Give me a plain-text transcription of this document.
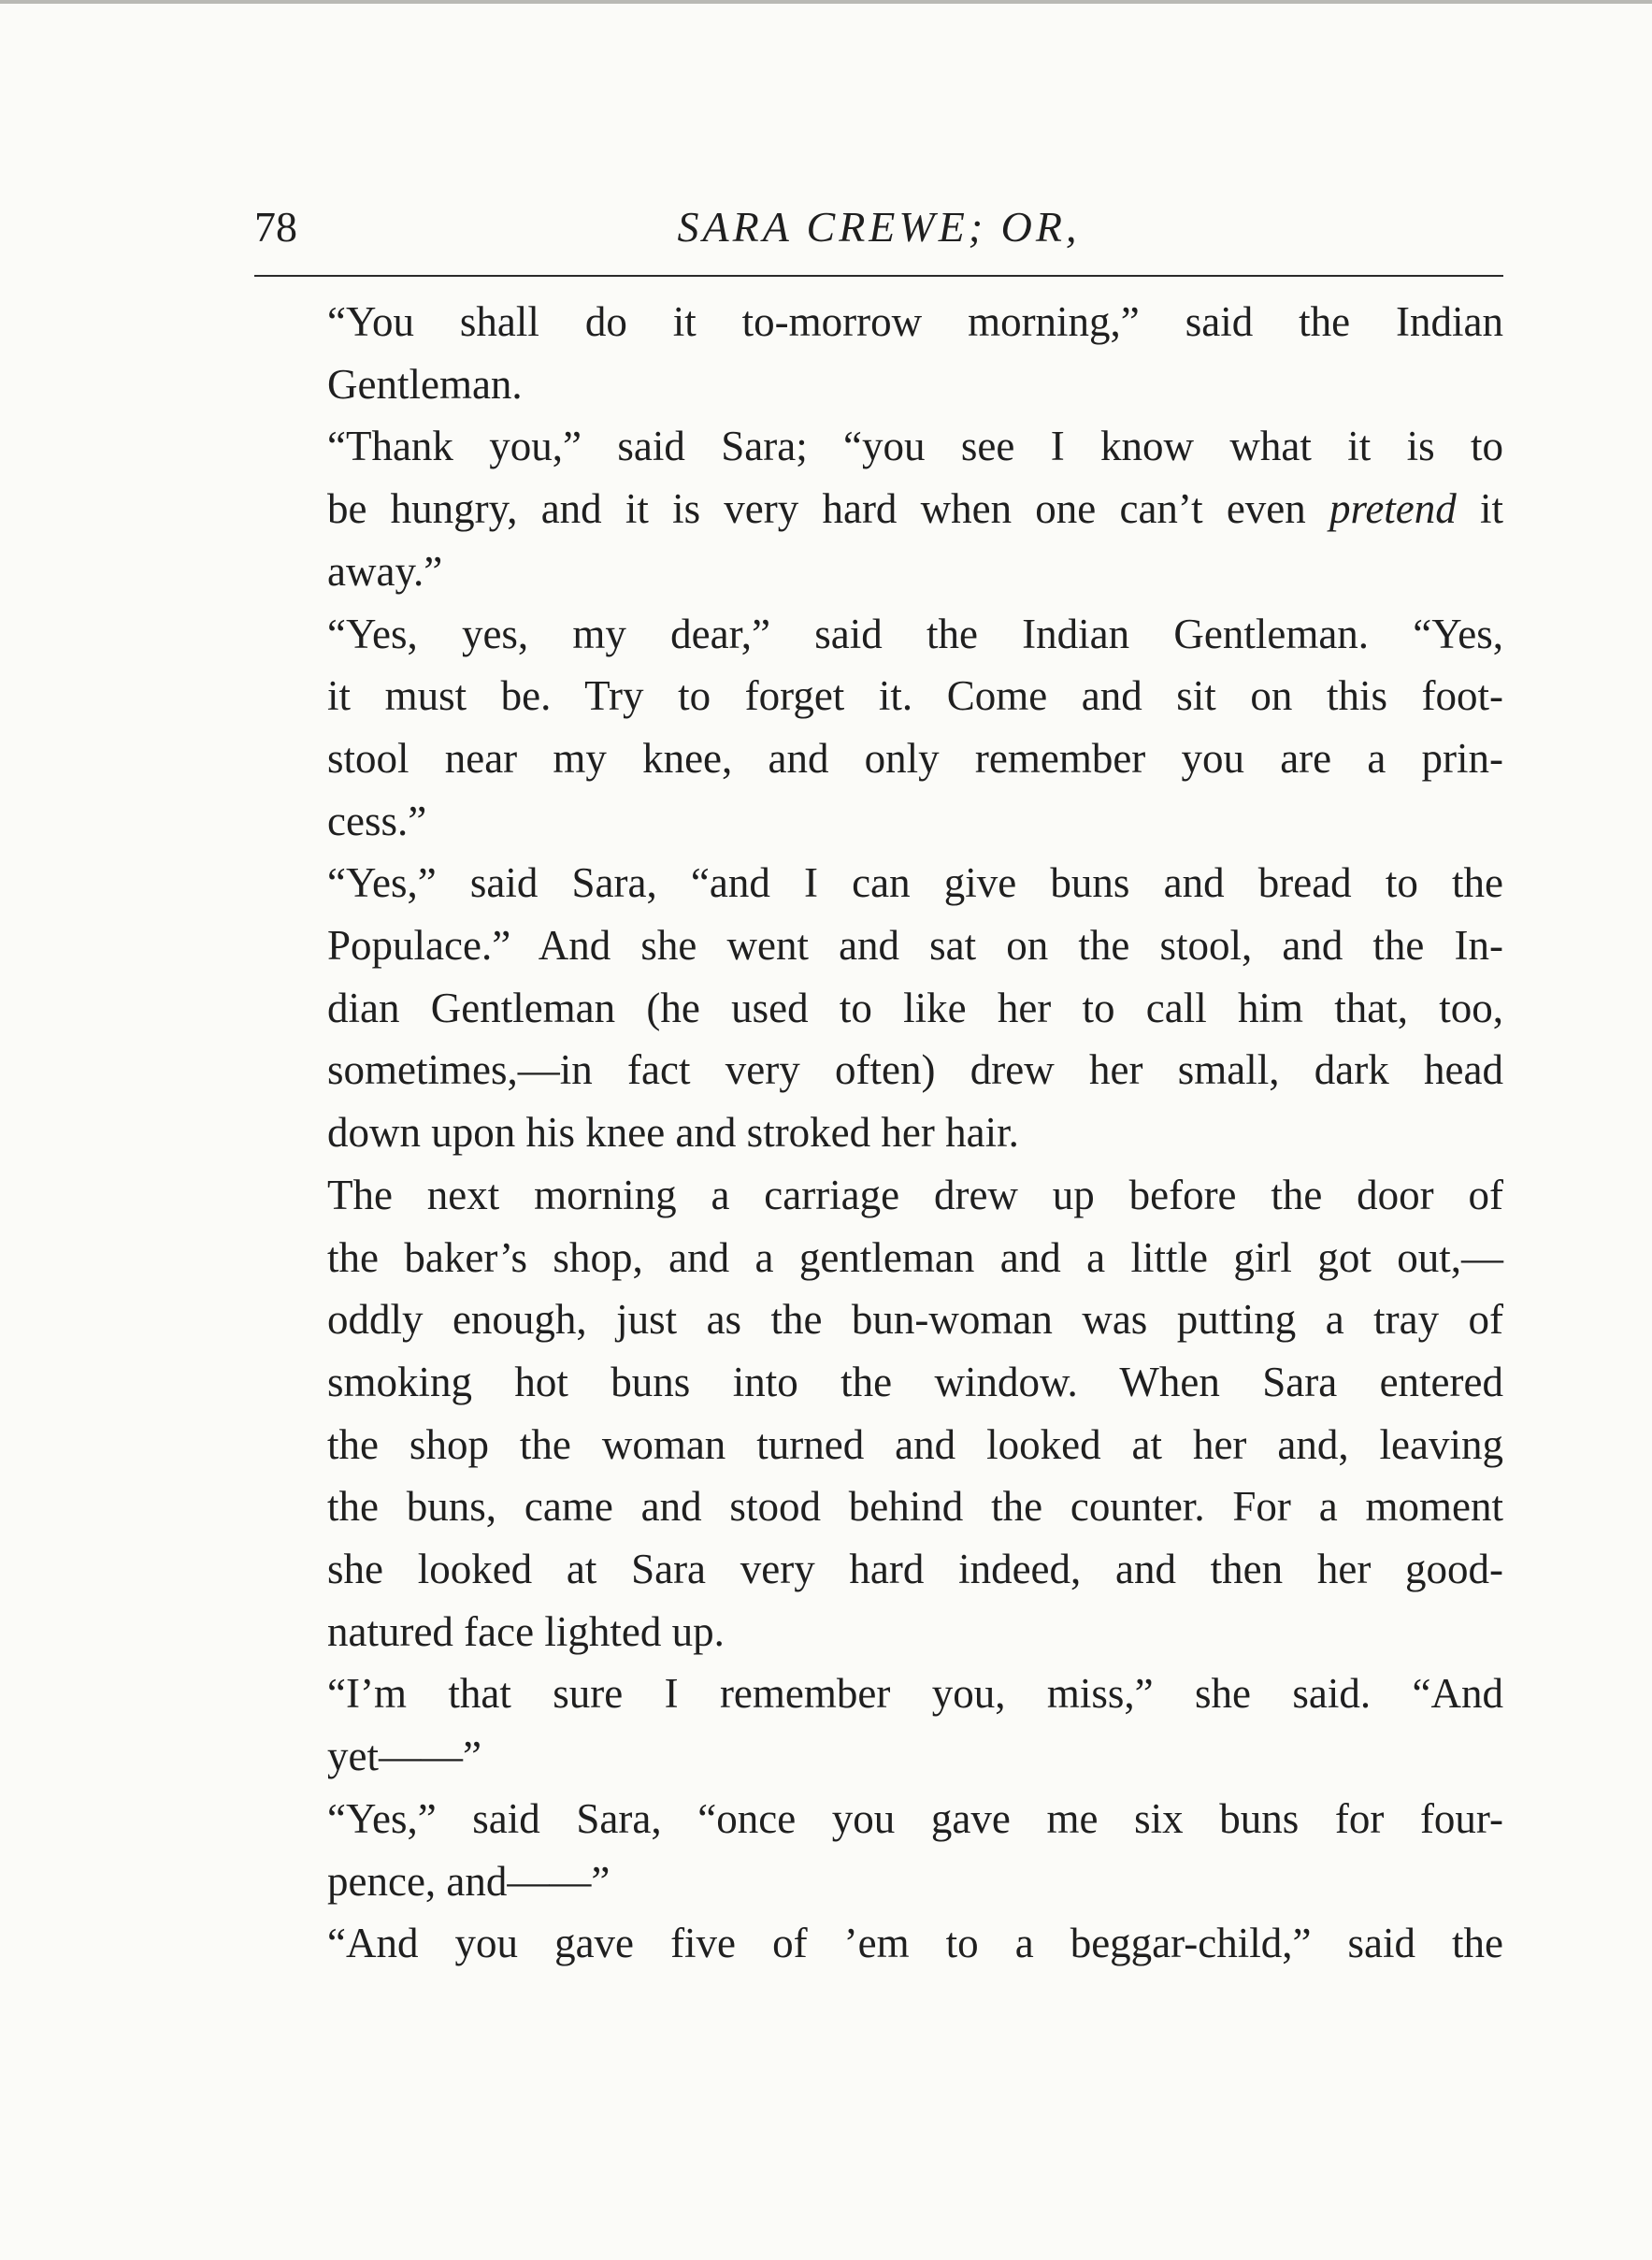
78	SARA CREWE; OR,

“You shall do it to-morrow morning,” said the Indian
Gentleman.

“Thank you,” said Sara; “you see I know what it is to
be hungry, and it is very hard when one can’t even pretend it
away.”

“Yes, yes, my dear,” said the Indian Gentleman. “Yes,
it must be. Try to forget it. Come and sit on this foot-
stool near my knee, and only remember you are a prin-
cess.”

“Yes,” said Sara, “and I can give buns and bread to the
Populace.” And she went and sat on the stool, and the In-
dian Gentleman (he used to like her to call him that, too,
sometimes,—in fact very often) drew her small, dark head
down upon his knee and stroked her hair.

The next morning a carriage drew up before the door of
the baker’s shop, and a gentleman and a little girl got out,—
oddly enough, just as the bun-woman was putting a tray of
smoking hot buns into the window. When Sara entered
the shop the woman turned and looked at her and, leaving
the buns, came and stood behind the counter. For a moment
she looked at Sara very hard indeed, and then her good-
natured face lighted up.

“I’m that sure I remember you, miss,” she said. “And
yet——”

“Yes,” said Sara, “once you gave me six buns for four-
pence, and——”

“And you gave five of ’em to a beggar-child,” said the
